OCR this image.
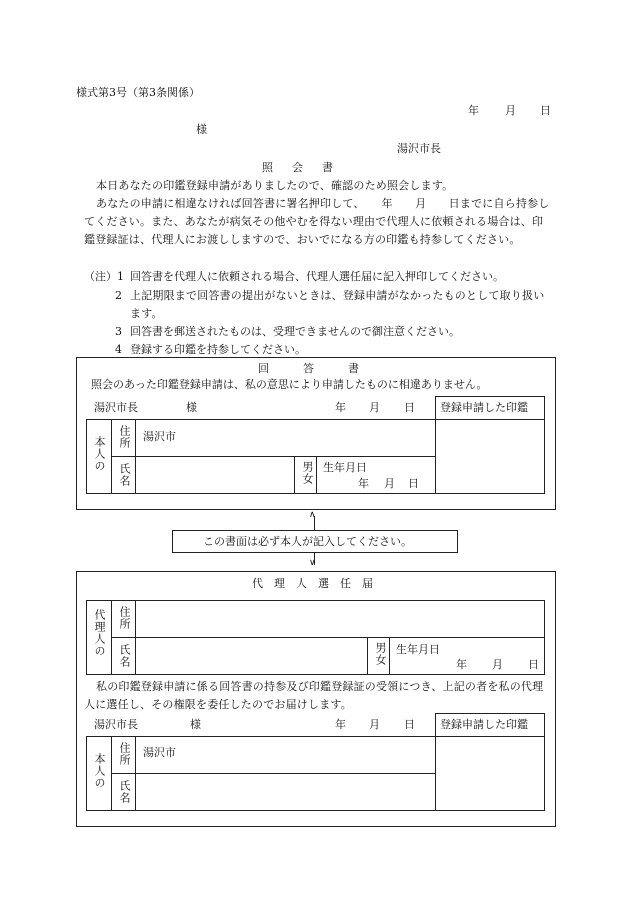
様式第3号（第3条関係）
年 月 日
様
湯沢市長
照　会　書
本日あなたの印鑑登録申請がありましたので、確認のため照会します。
あなたの申請に相違なければ回答書に署名押印して、　　年　　月　　日までに自ら持参してください。また、あなたが病気その他やむを得ない理由で代理人に依頼される場合は、印鑑登録証は、代理人にお渡ししますので、おいでになる方の印鑑も持参してください。
（注）1 回答書を代理人に依頼される場合、代理人選任届に記入押印してください。
2 上記期限まで回答書の提出がないときは、登録申請がなかったものとして取り扱います。
3 回答書を郵送されたものは、受理できませんので御注意ください。
4 登録する印鑑を持参してください。
回　　答　　書
照会のあった印鑑登録申請は、私の意思により申請したものに相違ありません。
湯沢市長	様	年 月 日 登録申請した印鑑
本人の 住所 湯沢市
氏名	男女 生年月日
年 月 日
∧
この書面は必ず本人が記入してください。
∨
代　理　人　選　任　届
代理人の 住所
氏名	男女 生年月日
年 月 日
私の印鑑登録申請に係る回答書の持参及び印鑑登録証の受領につき、上記の者を私の代理人に選任し、その権限を委任したのでお届けします。
湯沢市長	様	年 月 日 登録申請した印鑑
本人の 住所 湯沢市
氏名
